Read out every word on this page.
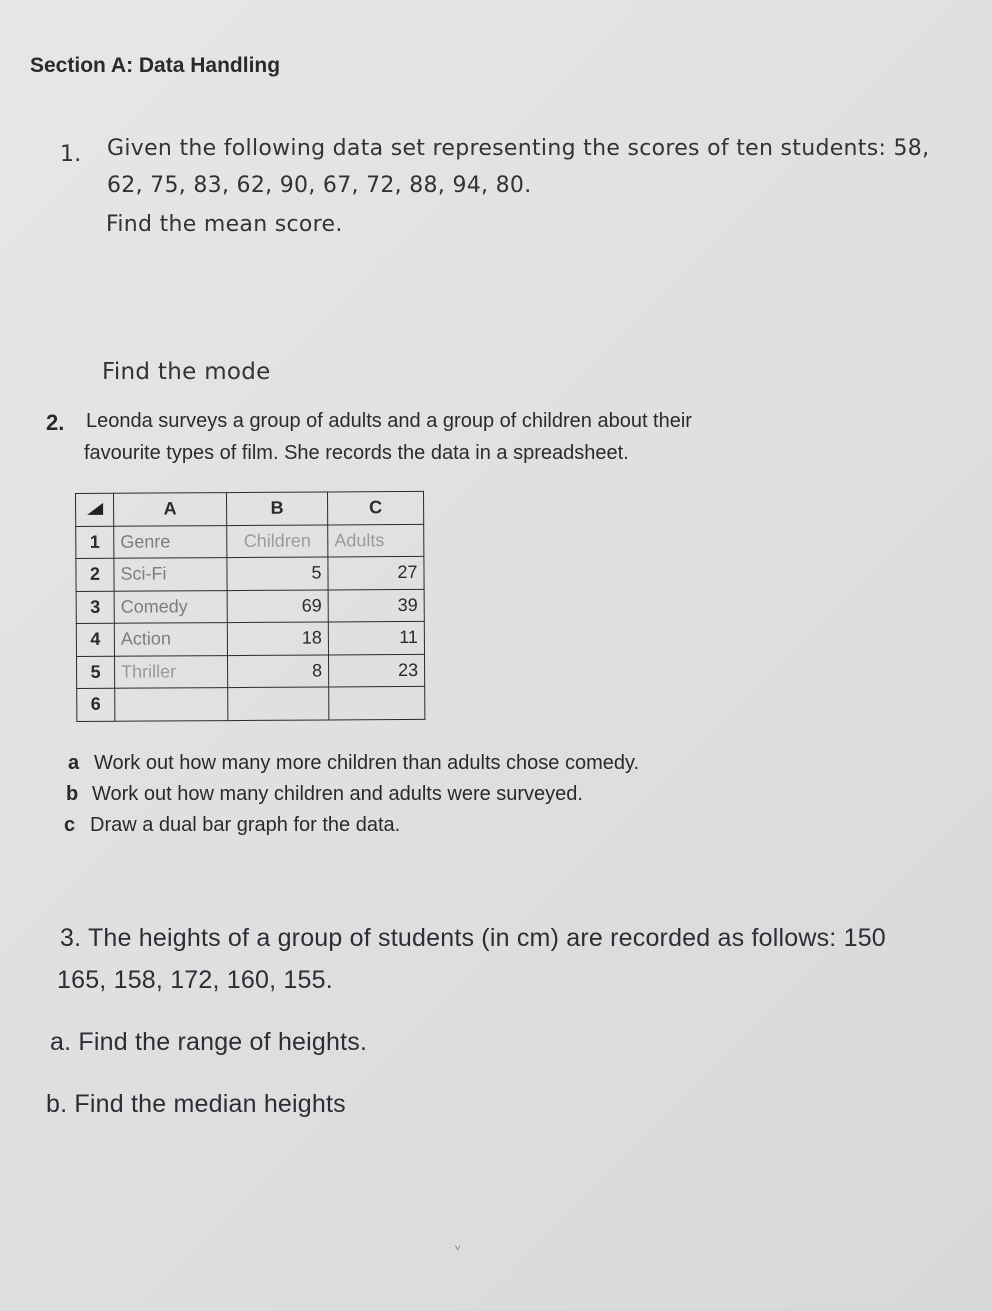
Section A: Data Handling
1. Given the following data set representing the scores of ten students: 58,
62, 75, 83, 62, 90, 67, 72, 88, 94, 80.
Find the mean score.
Find the mode
2. Leonda surveys a group of adults and a group of children about their
favourite types of film. She records the data in a spreadsheet.
	A	B	C
1	Genre	Children	Adults
2	Sci-Fi	5	27
3	Comedy	69	39
4	Action	18	11
5	Thriller	8	23
6			
a Work out how many more children than adults chose comedy.
b Work out how many children and adults were surveyed.
c Draw a dual bar graph for the data.
3. The heights of a group of students (in cm) are recorded as follows: 150
165, 158, 172, 160, 155.
a. Find the range of heights.
b. Find the median heights
ⱽ
